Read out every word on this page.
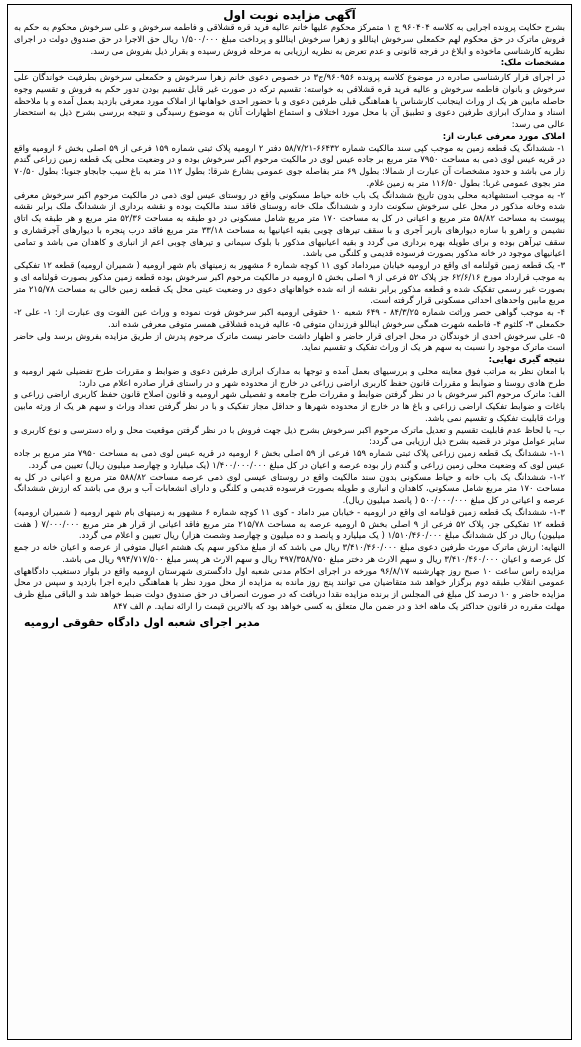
آگهی مزایده نوبت اول

بشرح حکایت پرونده اجرایی به کلاسه ۹۶۰۴۰۴ ج ۱ متمرکز محکوم علیها خانم عالیه فرید قره قشلاقی و فاطمه سرخوش و علی سرخوش محکوم به حکم به فروش ماترک در حق محکوم لهم حکمعلی سرخوش ایناللو و زهرا سرخوش ایناللو و پرداخت مبلغ ۱/۵۰۰/۰۰۰ ریال حق الاجرا در حق صندوق دولت در اجرای نظریه کارشناسی ماخوذه و ابلاغ در فرجه قانونی و عدم تعرض به نظریه ارزیابی به مرحله فروش رسیده و بقرار ذیل بفروش می رسد.

مشخصات ملک:

در اجرای قرار کارشناسی صادره در موضوع کلاسه پرونده ۹۶۰۹۵۶/ج۳ در خصوص دعوی خانم زهرا سرخوش و حکمعلی سرخوش بطرفیت خواندگان علی سرخوش و بانوان فاطمه سرخوش و عالیه فرید قره قشلاقی به خواسته: تقسیم ترکه در صورت غیر قابل تقسیم بودن تدور حکم به فروش و تقسیم وجوه حاصله مابین هر یک از وراث اینجانب کارشناس با هماهنگی قبلی طرفین دعوی و با حضور احدی خواهانها از املاک مورد معرفی بازدید بعمل آمده و با ملاحظه اسناد و مدارک ابرازی طرفین دعوی و تطبیق آن با محل مورد اختلاف و استماع اظهارات آنان به موضوع رسیدگی و نتیجه بررسی بشرح ذیل به استحضار عالی می رسد:

املاک مورد معرفی عبارت از:

۱- ششدانگ یک قطعه زمین به موجب کپی سند مالکیت شماره ۶۶۴۳۲-۵۸/۷/۲۱ دفتر ۲ ارومیه پلاک ثبتی شماره ۱۵۹ فرعی از ۵۹ اصلی بخش ۶ ارومیه واقع در قریه عیس لوی ذمی به مساحت ۷۹۵۰ متر مربع بر جاده عیس لوی در مالکیت مرحوم اکبر سرخوش بوده و در وضعیت محلی یک قطعه زمین زراعی گندم زار می باشد و حدود مشخصات آن عبارت از شمالا: بطول ۶۹ متر بفاصله جوی عمومی بشارع شرقا: بطول ۱۱۲ متر به باغ سیب جابجاو جنوبا: بطول ۷۰/۵۰ متر بجوی عمومی غربا: بطول ۱۱۶/۵۰ متر به زمین غلام.

۲- به موجب استشهادیه محلی بدون تاریخ ششدانگ یک باب خانه حیاط مسکونی واقع در روستای عیس لوی ذمی در مالکیت مرحوم اکبر سرخوش معرفی شده وخانه مذکور در محل علی سرخوش سکونت دارد و ششدانگ ملک خانه روستای فاقد سند مالکیت بوده و نقشه برداری از ششدانگ ملک برابر نقشه پیوست به مساحت ۵۸/۸۲ متر مربع و اعیانی در کل به مساحت ۱۷۰ متر مربع شامل مسکونی در دو طبقه به مساحت ۵۲/۳۶ متر مربع و هر طبقه یک اتاق نشیمن و راهرو با سازه دیوارهای باربر آجری و با سقف تیرهای چوبی بقیه اعیانیها به مساحت ۳۳/۱۸ متر مربع فاقد درب پنجره با دیوارهای آجرقشاری و سقف تیرآهن بوده و برای طویله بهره برداری می گردد و بقیه اعیانیهای مذکور با بلوک سیمانی و تیرهای چوبی اعم از انباری و کاهدان می باشد و تمامی اعیانیهای موجود در خانه مذکور بصورت فرسوده قدیمی و کلنگی می باشد.

۳- یک قطعه زمین قولنامه ای واقع در ارومیه خیابان میرداماد کوی ۱۱ کوچه شماره ۶ مشهور به زمینهای بام شهر ارومیه ( شمیران ارومیه) قطعه ۱۲ تفکیکی به موجب قرارداد مورخ ۶۲/۶/۱۶ جز پلاک ۵۲ فرعی از ۹ اصلی بخش ۵ ارومیه در مالکیت مرحوم اکبر سرخوش بوده قطعه زمین مذکور بصورت قولنامه ای و بصورت غیر رسمی تفکیک شده و قطعه مذکور برابر نقشه از انه شده خواهانهای دعوی در وضعیت عینی محل یک قطعه زمین خالی به مساحت ۲۱۵/۷۸ متر مربع مابین واحدهای احداثی مسکونی قرار گرفته است.

۴- به موجب گواهی حصر وراثت شماره ۸۴/۳/۲۵ - ۶۴۹ شعبه ۱۰ حقوقی ارومیه اکبر سرخوش فوت نموده و وراث عین الفوت وی عبارت از: ۱- علی ۲- حکمعلی ۳- کلثوم ۴- فاطمه شهرت همگی سرخوش ایناللو فرزندان متوفی ۵- عالیه فریده قشلاقی همسر متوفی معرفی شده اند.

۵- علی سرخوش احدی از خوندگان در محل اجرای قرار حاضر و اظهار داشت حاضر نیست ماترک مرحوم پدرش از طریق مزایده بفروش برسد ولی حاضر است ماترک موجود را نسبت به سهم هر یک از وراث تفکیک و تقسیم نماید.

نتیجه گیری نهایی:

با امعان نظر به مراتب فوق معاینه محلی و بررسیهای بعمل آمده و توجها به مدارک ابرازی طرفین دعوی و ضوابط و مقررات طرح تفضیلی شهر ارومیه و طرح هادی روستا و ضوابط و مقررات قانون حفظ کاربری اراضی زراعی در خارج از محدوده شهر و در راستای قرار صادره اعلام می دارد:

الف: ماترک مرحوم اکبر سرخوش با در نظر گرفتن ضوابط و مقررات طرح جامعه و تفصیلی شهر ارومیه و قانون اصلاح قانون حفظ کاربری اراضی زراعی و باغات و ضوابط تفکیک اراضی زراعی و باغ ها در خارج از محدوده شهرها و حداقل مجاز تفکیک و با در نظر گرفتن تعداد وراث و سهم هر یک از ورثه مابین وراث قابلیت تفکیک و تقسیم نمی باشد.

ب- با لحاظ عدم قابلیت تقسیم و تعدیل ماترک مرحوم اکبر سرخوش بشرح ذیل جهت فروش با در نظر گرفتن موقعیت محل و راه دسترسی و نوع کاربری و سایر عوامل موثر در قضیه بشرح ذیل ارزیابی می گردد:

۱-۱- ششدانگ یک قطعه زمین زراعی پلاک ثبتی شماره ۱۵۹ فرعی از ۵۹ اصلی بخش ۶ ارومیه در قریه عیس لوی ذمی به مساحت ۷۹۵۰ متر مربع بر جاده عیس لوی که وضعیت محلی زمین زراعی و گندم زار بوده عرصه و اعیان در کل مبلغ ۱/۴۰۰/۰۰۰/۰۰۰ (یک میلیارد و چهارصد میلیون ریال) تعیین می گردد.

۱-۲- ششدانگ یک باب خانه و حیاط مسکونی بدون سند مالکیت واقع در روستای عیسی لوی ذمی عرصه مساحت ۵۸۸/۸۲ متر مربع و اعیانی در کل به مساحت ۱۷۰ متر مربع شامل مسکونی، کاهدان و انباری و طویله بصورت فرسوده قدیمی و کلنگی و دارای انشعابات آب و برق می باشد که ارزش ششدانگ عرصه و اعیانی در کل مبلغ ۵۰۰/۰۰۰/۰۰۰ ( پانصد میلیون ریال).

۱-۳- ششدانگ یک قطعه زمین قولنامه ای واقع در ارومیه - خیابان میر داماد - کوی ۱۱ کوچه شماره ۶ مشهور به زمینهای بام شهر ارومیه ( شمیران ارومیه) قطعه ۱۲ تفکیکی جز، پلاک ۵۲ فرعی از ۹ اصلی بخش ۵ ارومیه عرصه به مساحت ۲۱۵/۷۸ متر مربع فاقد اعیانی از قرار هر متر مربع ۷/۰۰۰/۰۰۰ ( هفت میلیون) ریال در کل ششدانگ مبلغ ۱/۵۱۰/۴۶۰/۰۰۰ ( یک میلیارد و پانصد و ده میلیون و چهارصد وشصت هزار) ریال تعیین و اعلام می گردد.

النهایه: ارزش ماترک مورث طرفین دعوی مبلغ ۳/۴۱۰/۴۶۰/۰۰۰ ریال می باشد که از مبلغ مذکور سهم یک هشتم اعیال متوفی از عرصه و اعیان خانه در جمع کل عرصه و اعیان ۳/۴۱۰/۴۶۰/۰۰۰ ریال و سهم الارث هر دختر مبلغ ۴۹۷/۳۵۸/۷۵۰ ریال و سهم الارث هر پسر مبلغ ۹۹۴/۷۱۷/۵۰۰ ریال می باشد.

مزایده راس ساعت ۱۰ صبح روز چهارشنبه ۹۶/۸/۱۷ مورخه در اجرای احکام مدنی شعبه اول دادگستری شهرستان ارومیه واقع در بلوار دستغیب دادگاههای عمومی انقلاب طبقه دوم برگزار خواهد شد متقاضیان می توانند پنج روز مانده به مزایده از محل مورد نظر با هماهنگی دایره اجرا بازدید و سپس در محل مزایده حاضر و ۱۰ درصد کل مبلغ فی المجلس از برنده مزایده نقدا دریافت که در صورت انصراف در حق صندوق دولت ضبط خواهد شد و الباقی مبلغ ظرف مهلت مقرره در قانون حداکثر یک ماهه اخذ و در ضمن مال متعلق به کسی خواهد بود که بالاترین قیمت را ارائه نماید. م الف ۸۴۷

مدیر اجرای شعبه اول دادگاه حقوقی ارومیه
